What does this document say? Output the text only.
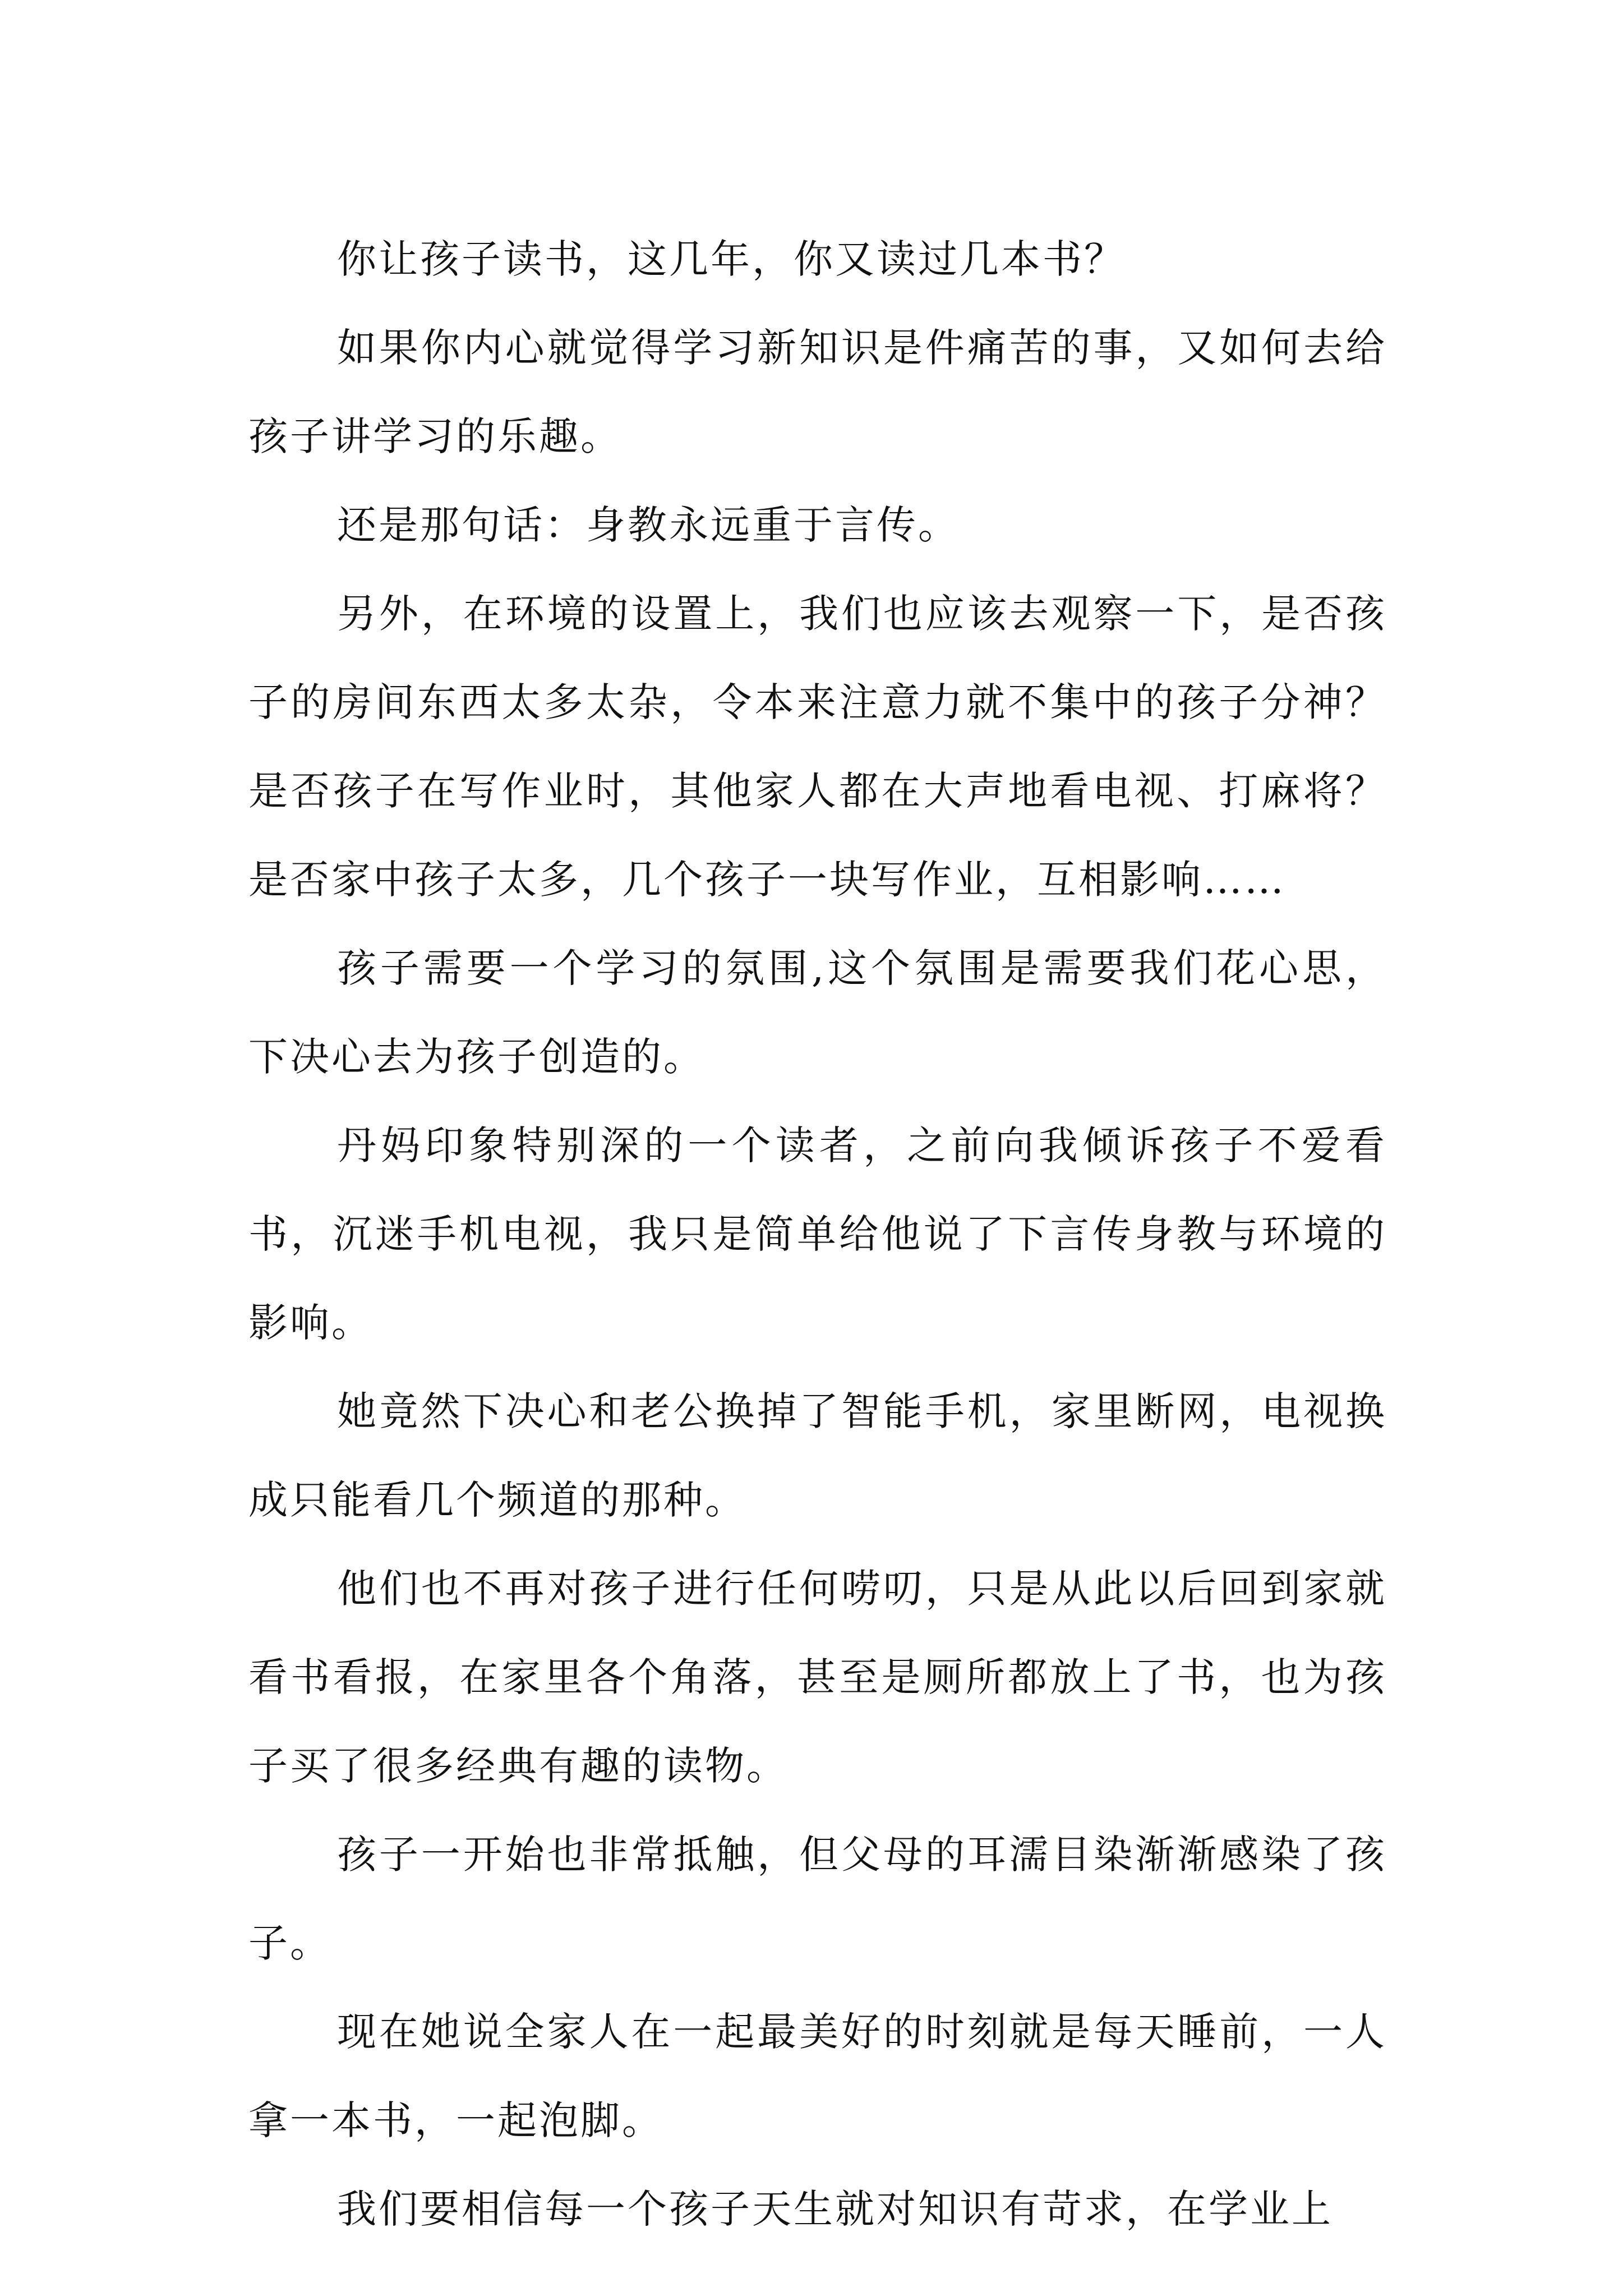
你让孩子读书，这几年，你又读过几本书？

如果你内心就觉得学习新知识是件痛苦的事，又如何去给孩子讲学习的乐趣。

还是那句话：身教永远重于言传。

另外，在环境的设置上，我们也应该去观察一下，是否孩子的房间东西太多太杂，令本来注意力就不集中的孩子分神？是否孩子在写作业时，其他家人都在大声地看电视、打麻将？是否家中孩子太多，几个孩子一块写作业，互相影响……

孩子需要一个学习的氛围,这个氛围是需要我们花心思，下决心去为孩子创造的。

丹妈印象特别深的一个读者，之前向我倾诉孩子不爱看书，沉迷手机电视，我只是简单给他说了下言传身教与环境的影响。

她竟然下决心和老公换掉了智能手机，家里断网，电视换成只能看几个频道的那种。

他们也不再对孩子进行任何唠叨，只是从此以后回到家就看书看报，在家里各个角落，甚至是厕所都放上了书，也为孩子买了很多经典有趣的读物。

孩子一开始也非常抵触，但父母的耳濡目染渐渐感染了孩子。

现在她说全家人在一起最美好的时刻就是每天睡前，一人拿一本书，一起泡脚。

我们要相信每一个孩子天生就对知识有苛求，在学业上
